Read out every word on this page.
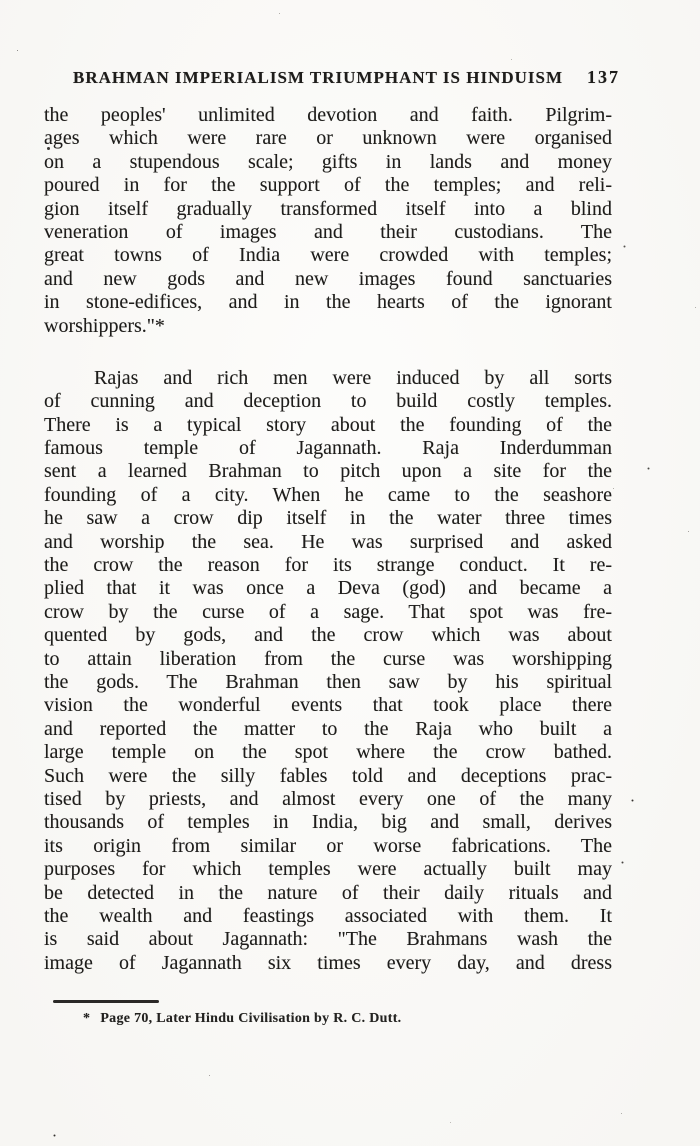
BRAHMAN IMPERIALISM TRIUMPHANT IS HINDUISM 137
the peoples' unlimited devotion and faith. Pilgrim-
ages which were rare or unknown were organised
on a stupendous scale; gifts in lands and money
poured in for the support of the temples; and reli-
gion itself gradually transformed itself into a blind
veneration of images and their custodians. The
great towns of India were crowded with temples;
and new gods and new images found sanctuaries
in stone-edifices, and in the hearts of the ignorant
worshippers."*
Rajas and rich men were induced by all sorts
of cunning and deception to build costly temples.
There is a typical story about the founding of the
famous temple of Jagannath. Raja Inderdumman
sent a learned Brahman to pitch upon a site for the
founding of a city. When he came to the seashore
he saw a crow dip itself in the water three times
and worship the sea. He was surprised and asked
the crow the reason for its strange conduct. It re-
plied that it was once a Deva (god) and became a
crow by the curse of a sage. That spot was fre-
quented by gods, and the crow which was about
to attain liberation from the curse was worshipping
the gods. The Brahman then saw by his spiritual
vision the wonderful events that took place there
and reported the matter to the Raja who built a
large temple on the spot where the crow bathed.
Such were the silly fables told and deceptions prac-
tised by priests, and almost every one of the many
thousands of temples in India, big and small, derives
its origin from similar or worse fabrications. The
purposes for which temples were actually built may
be detected in the nature of their daily rituals and
the wealth and feastings associated with them. It
is said about Jagannath: "The Brahmans wash the
image of Jagannath six times every day, and dress
* Page 70, Later Hindu Civilisation by R. C. Dutt.
